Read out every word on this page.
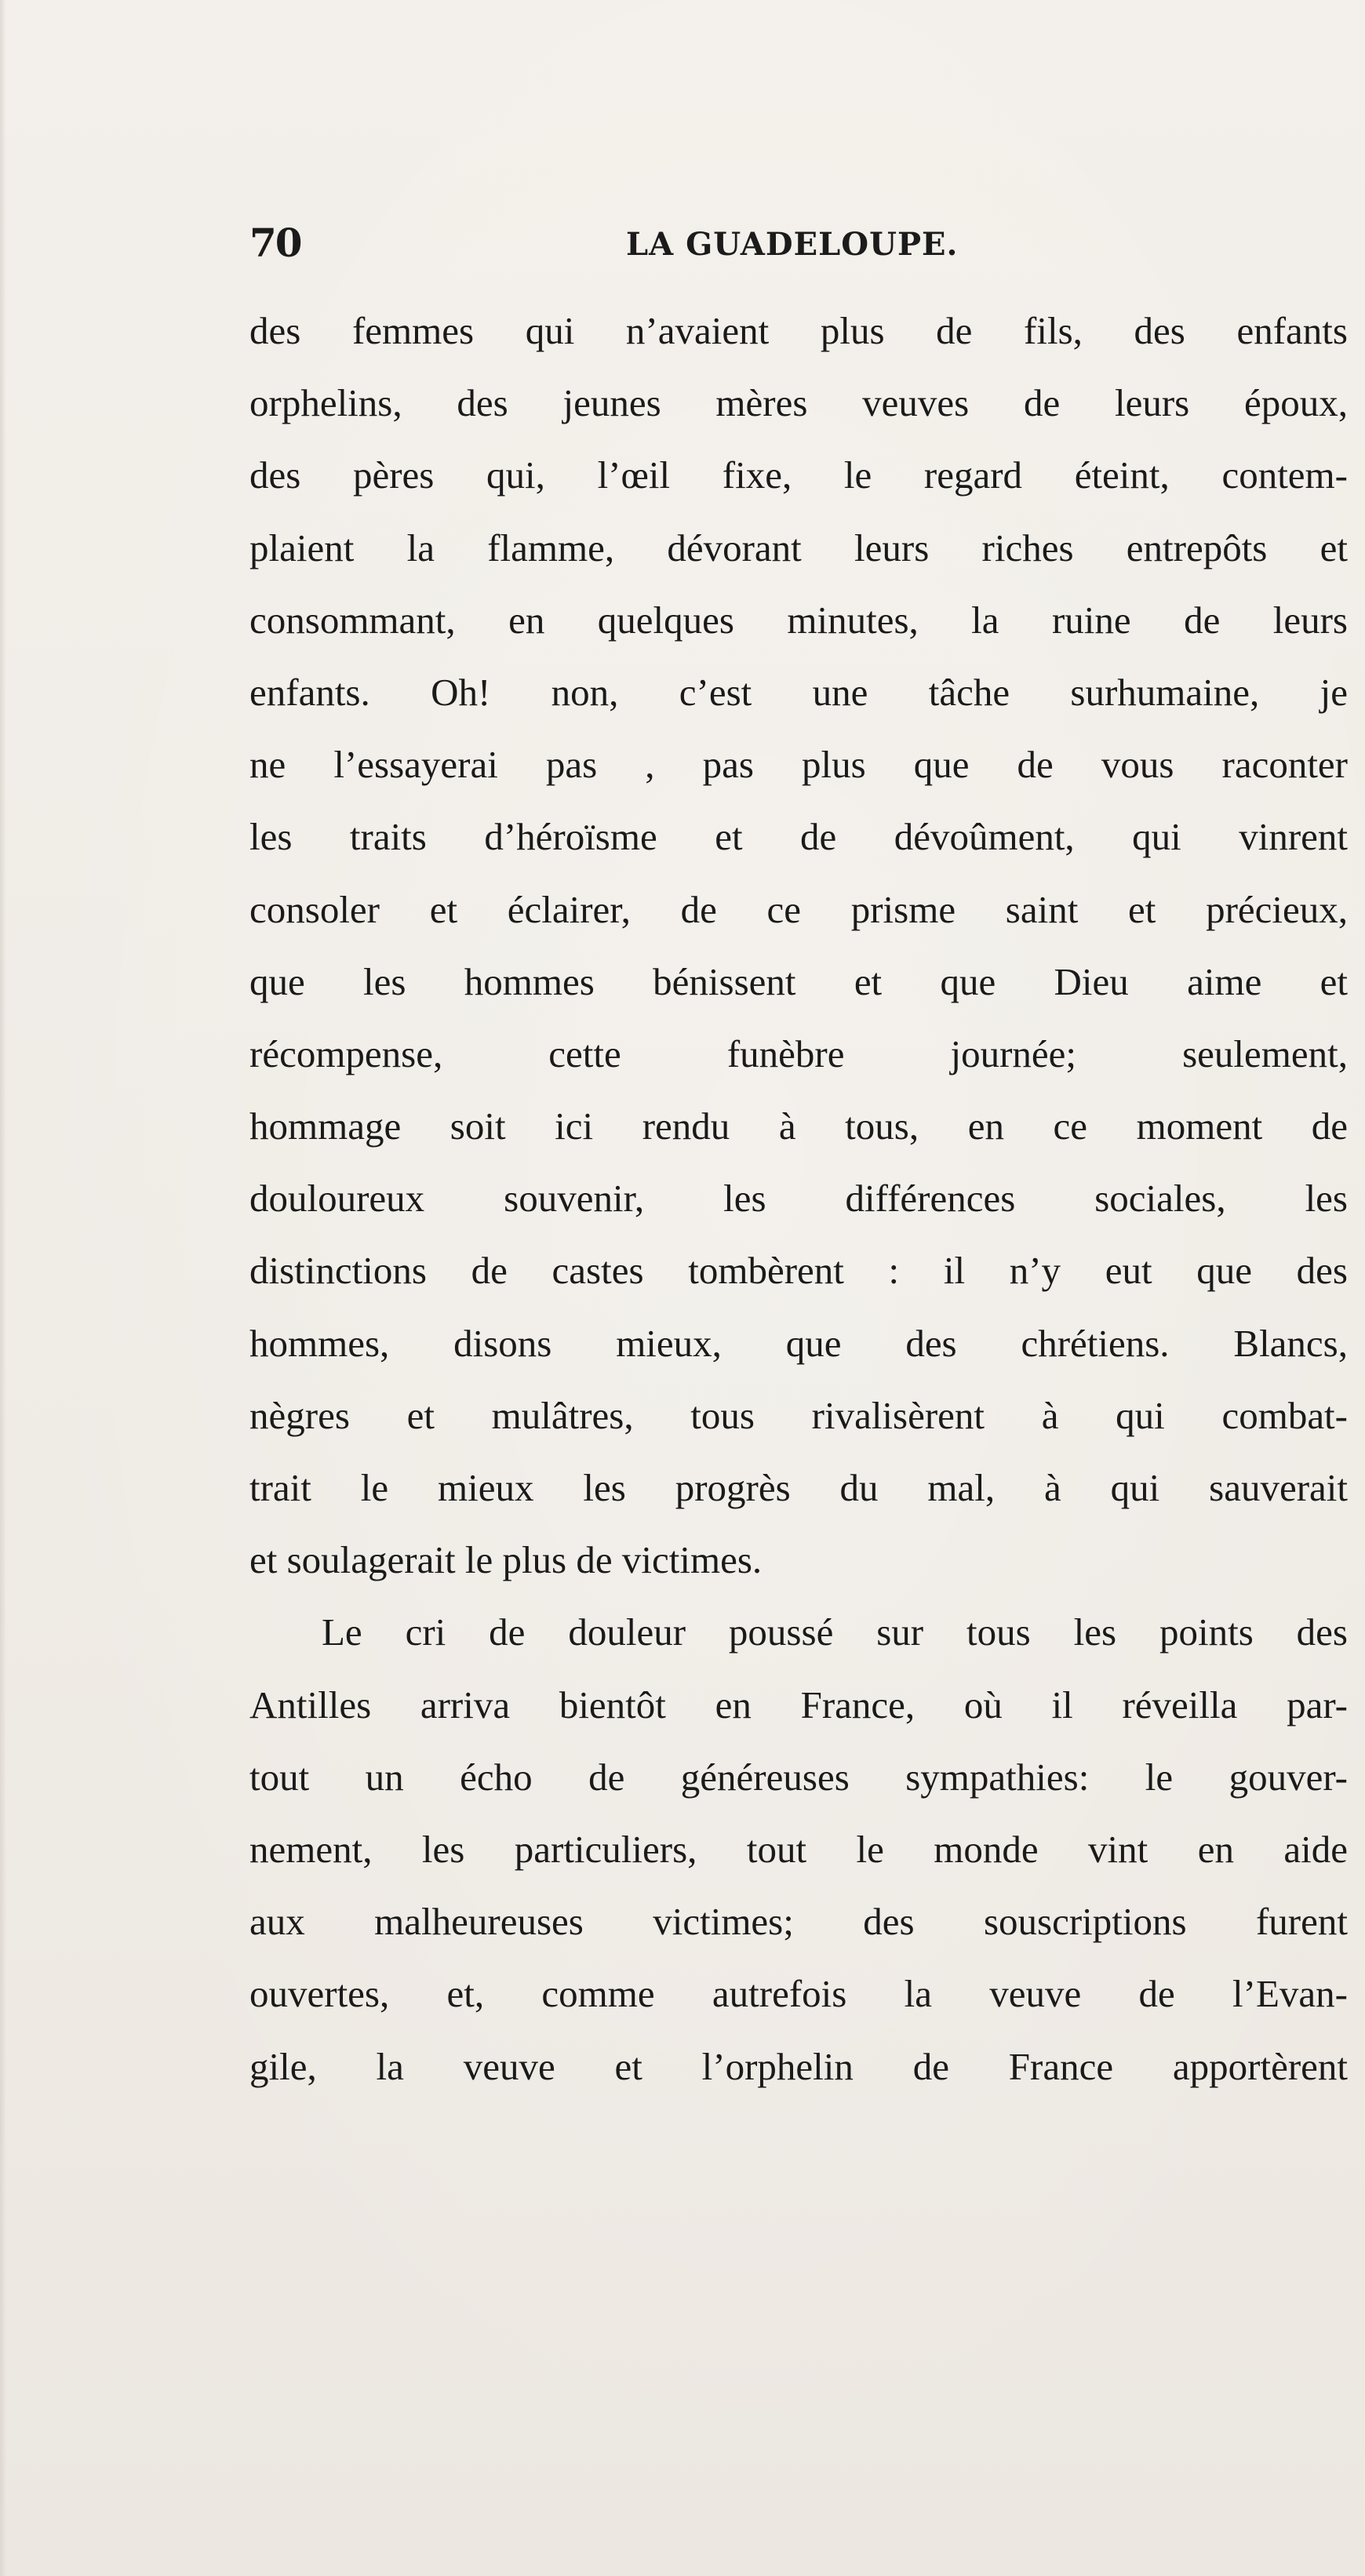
70	LA GUADELOUPE.
des femmes qui n’avaient plus de fils, des enfants
orphelins, des jeunes mères veuves de leurs époux,
des pères qui, l’œil fixe, le regard éteint, contem-
plaient la flamme, dévorant leurs riches entrepôts et
consommant, en quelques minutes, la ruine de leurs
enfants. Oh! non, c’est une tâche surhumaine, je
ne l’essayerai pas , pas plus que de vous raconter
les traits d’héroïsme et de dévoûment, qui vinrent
consoler et éclairer, de ce prisme saint et précieux,
que les hommes bénissent et que Dieu aime et
récompense, cette funèbre journée; seulement,
hommage soit ici rendu à tous, en ce moment de
douloureux souvenir, les différences sociales, les
distinctions de castes tombèrent : il n’y eut que des
hommes, disons mieux, que des chrétiens. Blancs,
nègres et mulâtres, tous rivalisèrent à qui combat-
trait le mieux les progrès du mal, à qui sauverait
et soulagerait le plus de victimes.
Le cri de douleur poussé sur tous les points des
Antilles arriva bientôt en France, où il réveilla par-
tout un écho de généreuses sympathies: le gouver-
nement, les particuliers, tout le monde vint en aide
aux malheureuses victimes; des souscriptions furent
ouvertes, et, comme autrefois la veuve de l’Evan-
gile, la veuve et l’orphelin de France apportèrent
